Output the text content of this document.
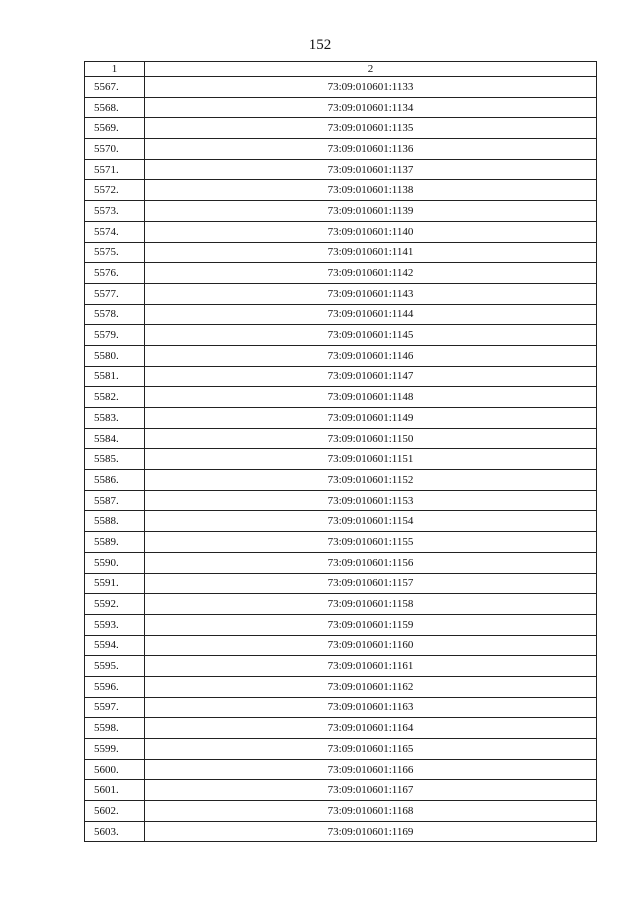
152
1	2
5567.	73:09:010601:1133
5568.	73:09:010601:1134
5569.	73:09:010601:1135
5570.	73:09:010601:1136
5571.	73:09:010601:1137
5572.	73:09:010601:1138
5573.	73:09:010601:1139
5574.	73:09:010601:1140
5575.	73:09:010601:1141
5576.	73:09:010601:1142
5577.	73:09:010601:1143
5578.	73:09:010601:1144
5579.	73:09:010601:1145
5580.	73:09:010601:1146
5581.	73:09:010601:1147
5582.	73:09:010601:1148
5583.	73:09:010601:1149
5584.	73:09:010601:1150
5585.	73:09:010601:1151
5586.	73:09:010601:1152
5587.	73:09:010601:1153
5588.	73:09:010601:1154
5589.	73:09:010601:1155
5590.	73:09:010601:1156
5591.	73:09:010601:1157
5592.	73:09:010601:1158
5593.	73:09:010601:1159
5594.	73:09:010601:1160
5595.	73:09:010601:1161
5596.	73:09:010601:1162
5597.	73:09:010601:1163
5598.	73:09:010601:1164
5599.	73:09:010601:1165
5600.	73:09:010601:1166
5601.	73:09:010601:1167
5602.	73:09:010601:1168
5603.	73:09:010601:1169
